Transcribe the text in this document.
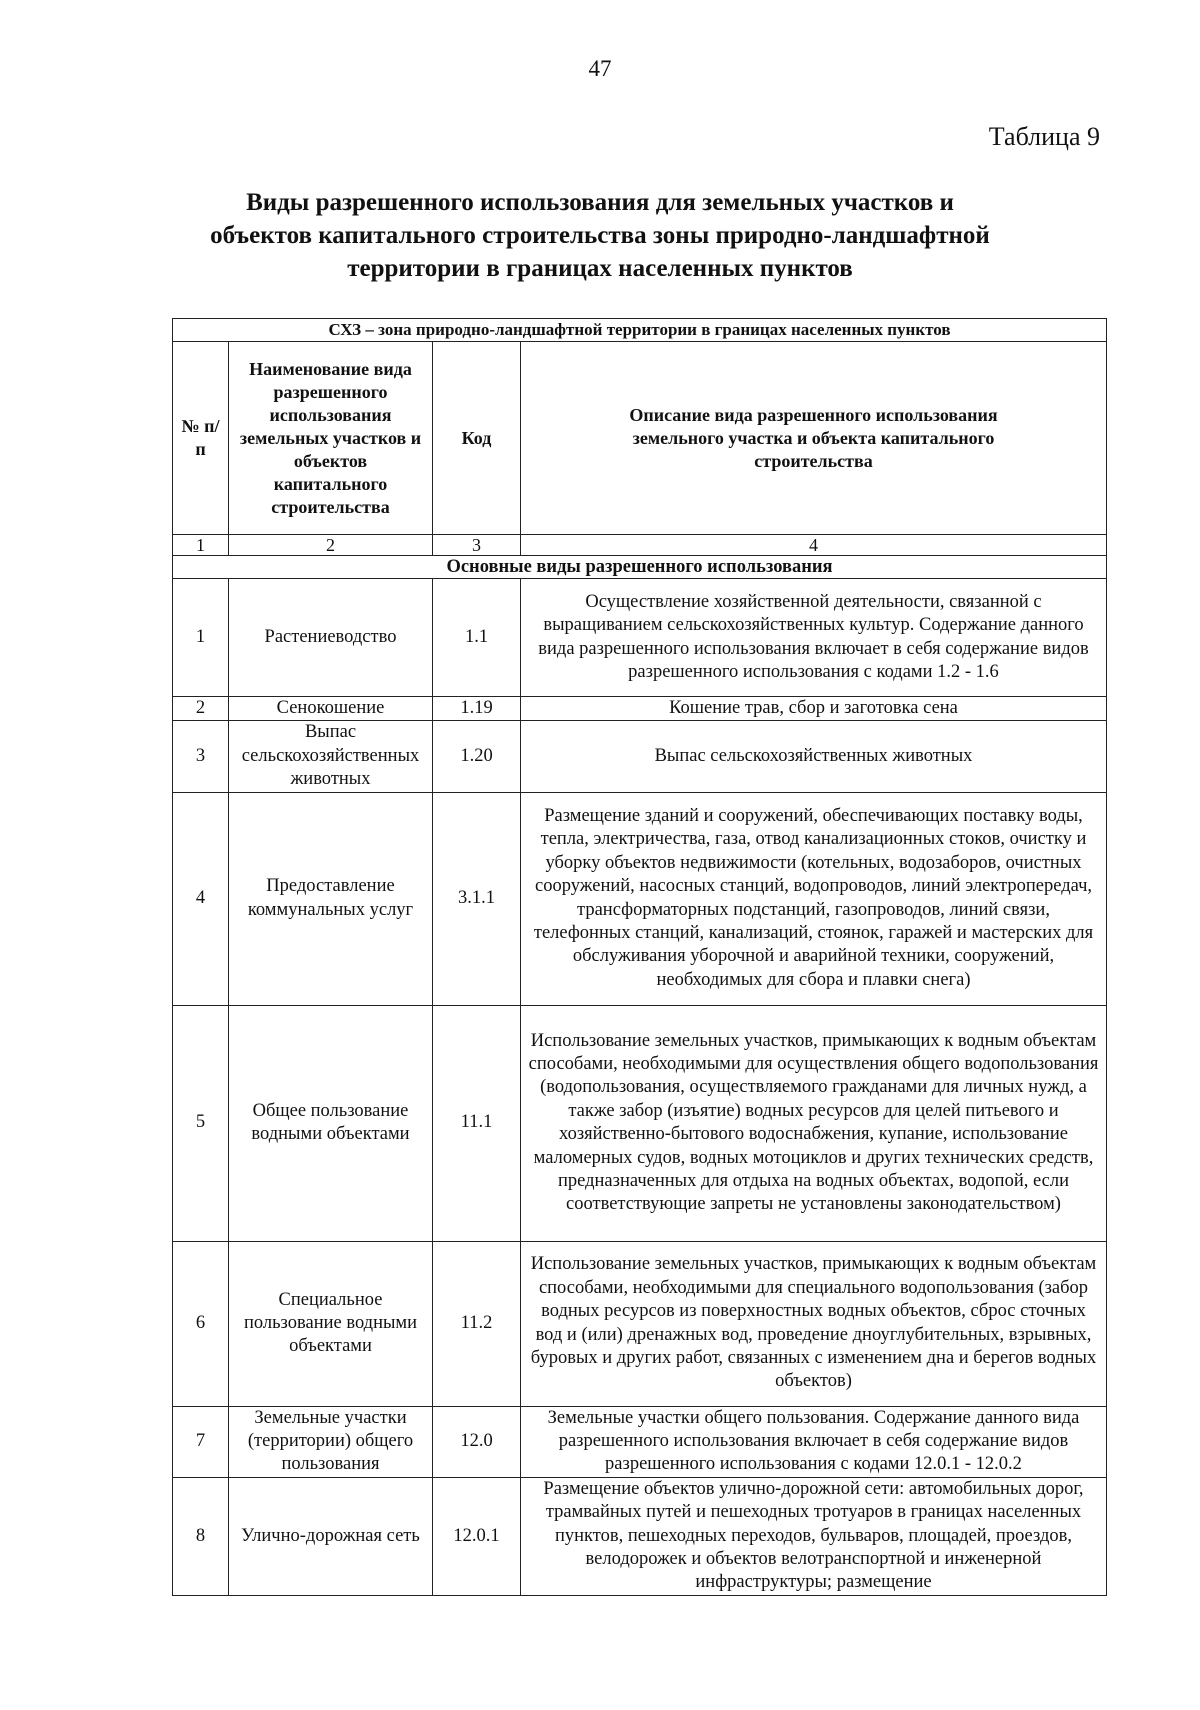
47
Таблица 9
Виды разрешенного использования для земельных участков и
объектов капитального строительства зоны природно-ландшафтной
территории в границах населенных пунктов
СХЗ – зона природно-ландшафтной территории в границах населенных пунктов			
№ п/п	Наименование вида разрешенного использования земельных участков и объектов капитального строительства	Код	Описание вида разрешенного использования земельного участка и объекта капитального строительства
1	2	3	4
Основные виды разрешенного использования			
1	Растениеводство	1.1	Осуществление хозяйственной деятельности, связанной с выращиванием сельскохозяйственных культур. Содержание данного вида разрешенного использования включает в себя содержание видов разрешенного использования с кодами 1.2 - 1.6
2	Сенокошение	1.19	Кошение трав, сбор и заготовка сена
3	Выпас сельскохозяйственных животных	1.20	Выпас сельскохозяйственных животных
4	Предоставление коммунальных услуг	3.1.1	Размещение зданий и сооружений, обеспечивающих поставку воды, тепла, электричества, газа, отвод канализационных стоков, очистку и уборку объектов недвижимости (котельных, водозаборов, очистных сооружений, насосных станций, водопроводов, линий электропередач, трансформаторных подстанций, газопроводов, линий связи, телефонных станций, канализаций, стоянок, гаражей и мастерских для обслуживания уборочной и аварийной техники, сооружений, необходимых для сбора и плавки снега)
5	Общее пользование водными объектами	11.1	Использование земельных участков, примыкающих к водным объектам способами, необходимыми для осуществления общего водопользования (водопользования, осуществляемого гражданами для личных нужд, а также забор (изъятие) водных ресурсов для целей питьевого и хозяйственно-бытового водоснабжения, купание, использование маломерных судов, водных мотоциклов и других технических средств, предназначенных для отдыха на водных объектах, водопой, если соответствующие запреты не установлены законодательством)
6	Специальное пользование водными объектами	11.2	Использование земельных участков, примыкающих к водным объектам способами, необходимыми для специального водопользования (забор водных ресурсов из поверхностных водных объектов, сброс сточных вод и (или) дренажных вод, проведение дноуглубительных, взрывных, буровых и других работ, связанных с изменением дна и берегов водных объектов)
7	Земельные участки (территории) общего пользования	12.0	Земельные участки общего пользования. Содержание данного вида разрешенного использования включает в себя содержание видов разрешенного использования с кодами 12.0.1 - 12.0.2
8	Улично-дорожная сеть	12.0.1	Размещение объектов улично-дорожной сети: автомобильных дорог, трамвайных путей и пешеходных тротуаров в границах населенных пунктов, пешеходных переходов, бульваров, площадей, проездов, велодорожек и объектов велотранспортной и инженерной инфраструктуры; размещение
